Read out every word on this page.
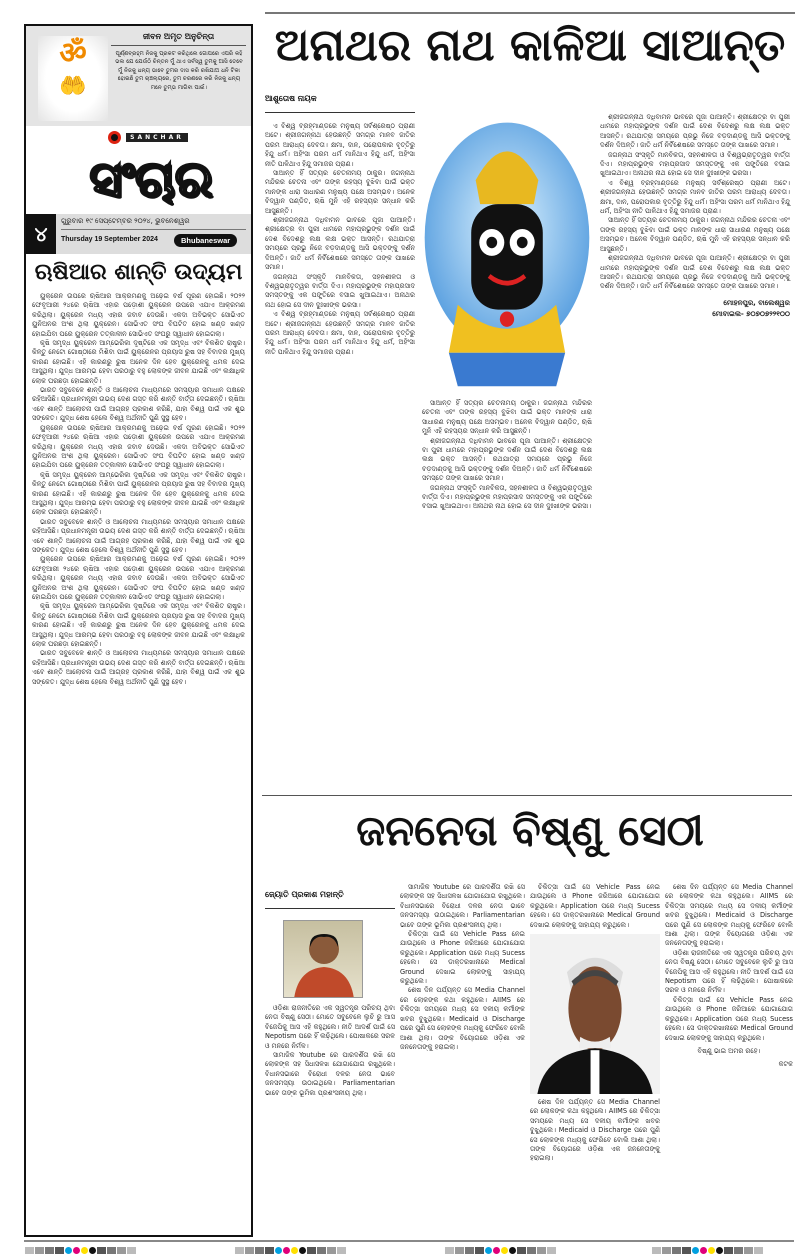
ॐ
🤲
ଜୀବନ ଅମୃତ ଅନୁଚିନ୍ତା
ପୂର୍ଣ୍ଣବ୍ରହ୍ମ ନିଜକୁ ପ୍ରକଟ କରିଥିଲେ ଗୋପରେ ଏପରି କହି ଭଲ ଯେ ଯେଉଁଠି ଚିନ୍ତନ ମୁଁ ଥାଏ ସର୍ବସ୍ୱ ତୁମକୁ ଆସି ତେବେ ମୁଁ ନିଜକୁ ଧନ୍ୟ ଭାବେ ତୁମର ଦାସ କରି ରଖିଯାଅ ଧନି ଟିକା ହୋଇଛି ତୁମ ଚାଞ୍ଚଲ୍ୟରେ, ତୁମ ଚରଣରେ କରି ନିଜକୁ ଧନ୍ୟ ମନେ ତୁମ୍ଭ ମାଗିବା ପାଇଁ।
SANCHAR
ସଂଚାର
୪
ଗୁରୁବାର ୧୯ ସେପ୍ଟେମ୍ବର ୨୦୨୪, ଭୁବନେଶ୍ୱର
Thursday 19 September 2024	Bhubaneswar
ଋଷିଆର ଶାନ୍ତି ଉଦ୍ୟମ

ୟୁକ୍ରେନ ଉପରେ ଋଷିଆର ଆକ୍ରମଣକୁ ଅଢ଼େଇ ବର୍ଷ ପୂରଣ ହୋଇଛି। ୨୦୨୨ ଫେବୃଆରୀ ୨୪ରେ ଋଷିଆ ଏହାର ପଡ଼ୋଶୀ ୟୁକ୍ରେନ ଉପରେ ଏଯାଏ ଆକ୍ରମଣ କରିଥିଲା। ୟୁକ୍ରେନ ମଧ୍ୟ ଏହାର ଜବାବ ଦେଉଛି। ଏକଦା ଅବିଭକ୍ତ ସୋଭିଏତ ୟୁନିଅନର ଅଂଶ ଥିଲା ୟୁକ୍ରେନ। ସୋଭିଏତ ସଂଘ ବିଘଟିତ ହୋଇ ଖଣ୍ଡ ଖଣ୍ଡ ହୋଇଯିବା ପରେ ୟୁକ୍ରେନ ତତ୍କାଳୀନ ସୋଭିଏତ ସଂଘରୁ ସ୍ୱାଧୀନ ହୋଇଗଲା।

କୃଷି ସମୃଦ୍ଧ ୟୁକ୍ରେନ ଆମ୍ଭେରିକା ଦୃଷ୍ଟିରେ ଏକ ସମୃଦ୍ଧ ଏବଂ ବିକଶିତ ରାଷ୍ଟ୍ର। କିନ୍ତୁ ନେଟୋ ଗୋଷ୍ଠୀରେ ମିଶିବା ପାଇଁ ୟୁକ୍ରେନର ପ୍ରୟାସ ରୁଷ ସହ ବିବାଦର ମୁଖ୍ୟ କାରଣ ହୋଇଛି। ଏହି କାରଣରୁ ରୁଷ ଅନେକ ଦିନ ହେବ ୟୁକ୍ରେନକୁ ଧମକ ଦେଇ ଆସୁଥିଲା। ଯୁଦ୍ଧ ଆରମ୍ଭ ହେବା ପରଠାରୁ ବହୁ ଲୋକଙ୍କ ଜୀବନ ଯାଇଛି ଏବଂ ଲକ୍ଷାଧିକ ଲୋକ ଘରଛଡ଼ା ହୋଇଛନ୍ତି।

ଭାରତ ସବୁବେଳେ ଶାନ୍ତି ଓ ଆଲୋଚନା ମାଧ୍ୟମରେ ସମସ୍ୟାର ସମାଧାନ ପକ୍ଷରେ ରହିଆସିଛି। ପ୍ରଧାନମନ୍ତ୍ରୀ ଉଭୟ ଦେଶ ଗସ୍ତ କରି ଶାନ୍ତି ବାର୍ତ୍ତା ଦେଇଛନ୍ତି। ଋଷିଆ ଏବେ ଶାନ୍ତି ଆଲୋଚନା ପାଇଁ ଆଗ୍ରହ ପ୍ରକାଶ କରିଛି, ଯାହା ବିଶ୍ୱ ପାଇଁ ଏକ ଶୁଭ ସଙ୍କେତ। ଯୁଦ୍ଧ ଶେଷ ହେଲେ ବିଶ୍ୱ ଅର୍ଥନୀତି ପୁଣି ସୁସ୍ଥ ହେବ।

ୟୁକ୍ରେନ ଉପରେ ଋଷିଆର ଆକ୍ରମଣକୁ ଅଢ଼େଇ ବର୍ଷ ପୂରଣ ହୋଇଛି। ୨୦୨୨ ଫେବୃଆରୀ ୨୪ରେ ଋଷିଆ ଏହାର ପଡ଼ୋଶୀ ୟୁକ୍ରେନ ଉପରେ ଏଯାଏ ଆକ୍ରମଣ କରିଥିଲା। ୟୁକ୍ରେନ ମଧ୍ୟ ଏହାର ଜବାବ ଦେଉଛି। ଏକଦା ଅବିଭକ୍ତ ସୋଭିଏତ ୟୁନିଅନର ଅଂଶ ଥିଲା ୟୁକ୍ରେନ। ସୋଭିଏତ ସଂଘ ବିଘଟିତ ହୋଇ ଖଣ୍ଡ ଖଣ୍ଡ ହୋଇଯିବା ପରେ ୟୁକ୍ରେନ ତତ୍କାଳୀନ ସୋଭିଏତ ସଂଘରୁ ସ୍ୱାଧୀନ ହୋଇଗଲା।

କୃଷି ସମୃଦ୍ଧ ୟୁକ୍ରେନ ଆମ୍ଭେରିକା ଦୃଷ୍ଟିରେ ଏକ ସମୃଦ୍ଧ ଏବଂ ବିକଶିତ ରାଷ୍ଟ୍ର। କିନ୍ତୁ ନେଟୋ ଗୋଷ୍ଠୀରେ ମିଶିବା ପାଇଁ ୟୁକ୍ରେନର ପ୍ରୟାସ ରୁଷ ସହ ବିବାଦର ମୁଖ୍ୟ କାରଣ ହୋଇଛି। ଏହି କାରଣରୁ ରୁଷ ଅନେକ ଦିନ ହେବ ୟୁକ୍ରେନକୁ ଧମକ ଦେଇ ଆସୁଥିଲା। ଯୁଦ୍ଧ ଆରମ୍ଭ ହେବା ପରଠାରୁ ବହୁ ଲୋକଙ୍କ ଜୀବନ ଯାଇଛି ଏବଂ ଲକ୍ଷାଧିକ ଲୋକ ଘରଛଡ଼ା ହୋଇଛନ୍ତି।

ଭାରତ ସବୁବେଳେ ଶାନ୍ତି ଓ ଆଲୋଚନା ମାଧ୍ୟମରେ ସମସ୍ୟାର ସମାଧାନ ପକ୍ଷରେ ରହିଆସିଛି। ପ୍ରଧାନମନ୍ତ୍ରୀ ଉଭୟ ଦେଶ ଗସ୍ତ କରି ଶାନ୍ତି ବାର୍ତ୍ତା ଦେଇଛନ୍ତି। ଋଷିଆ ଏବେ ଶାନ୍ତି ଆଲୋଚନା ପାଇଁ ଆଗ୍ରହ ପ୍ରକାଶ କରିଛି, ଯାହା ବିଶ୍ୱ ପାଇଁ ଏକ ଶୁଭ ସଙ୍କେତ। ଯୁଦ୍ଧ ଶେଷ ହେଲେ ବିଶ୍ୱ ଅର୍ଥନୀତି ପୁଣି ସୁସ୍ଥ ହେବ।

ୟୁକ୍ରେନ ଉପରେ ଋଷିଆର ଆକ୍ରମଣକୁ ଅଢ଼େଇ ବର୍ଷ ପୂରଣ ହୋଇଛି। ୨୦୨୨ ଫେବୃଆରୀ ୨୪ରେ ଋଷିଆ ଏହାର ପଡ଼ୋଶୀ ୟୁକ୍ରେନ ଉପରେ ଏଯାଏ ଆକ୍ରମଣ କରିଥିଲା। ୟୁକ୍ରେନ ମଧ୍ୟ ଏହାର ଜବାବ ଦେଉଛି। ଏକଦା ଅବିଭକ୍ତ ସୋଭିଏତ ୟୁନିଅନର ଅଂଶ ଥିଲା ୟୁକ୍ରେନ। ସୋଭିଏତ ସଂଘ ବିଘଟିତ ହୋଇ ଖଣ୍ଡ ଖଣ୍ଡ ହୋଇଯିବା ପରେ ୟୁକ୍ରେନ ତତ୍କାଳୀନ ସୋଭିଏତ ସଂଘରୁ ସ୍ୱାଧୀନ ହୋଇଗଲା।

କୃଷି ସମୃଦ୍ଧ ୟୁକ୍ରେନ ଆମ୍ଭେରିକା ଦୃଷ୍ଟିରେ ଏକ ସମୃଦ୍ଧ ଏବଂ ବିକଶିତ ରାଷ୍ଟ୍ର। କିନ୍ତୁ ନେଟୋ ଗୋଷ୍ଠୀରେ ମିଶିବା ପାଇଁ ୟୁକ୍ରେନର ପ୍ରୟାସ ରୁଷ ସହ ବିବାଦର ମୁଖ୍ୟ କାରଣ ହୋଇଛି। ଏହି କାରଣରୁ ରୁଷ ଅନେକ ଦିନ ହେବ ୟୁକ୍ରେନକୁ ଧମକ ଦେଇ ଆସୁଥିଲା। ଯୁଦ୍ଧ ଆରମ୍ଭ ହେବା ପରଠାରୁ ବହୁ ଲୋକଙ୍କ ଜୀବନ ଯାଇଛି ଏବଂ ଲକ୍ଷାଧିକ ଲୋକ ଘରଛଡ଼ା ହୋଇଛନ୍ତି।

ଭାରତ ସବୁବେଳେ ଶାନ୍ତି ଓ ଆଲୋଚନା ମାଧ୍ୟମରେ ସମସ୍ୟାର ସମାଧାନ ପକ୍ଷରେ ରହିଆସିଛି। ପ୍ରଧାନମନ୍ତ୍ରୀ ଉଭୟ ଦେଶ ଗସ୍ତ କରି ଶାନ୍ତି ବାର୍ତ୍ତା ଦେଇଛନ୍ତି। ଋଷିଆ ଏବେ ଶାନ୍ତି ଆଲୋଚନା ପାଇଁ ଆଗ୍ରହ ପ୍ରକାଶ କରିଛି, ଯାହା ବିଶ୍ୱ ପାଇଁ ଏକ ଶୁଭ ସଙ୍କେତ। ଯୁଦ୍ଧ ଶେଷ ହେଲେ ବିଶ୍ୱ ଅର୍ଥନୀତି ପୁଣି ସୁସ୍ଥ ହେବ।

ଅନାଥର ନାଥ କାଳିଆ ସାଆନ୍ତ
ଆଶୁତୋଷ ନାୟକ

ଏ ବିଶ୍ୱ ବ୍ରହ୍ମାଣ୍ଡରେ ମନୁଷ୍ୟ ସର୍ବଶ୍ରେଷ୍ଠ ପ୍ରାଣୀ ଅଟେ। ଶ୍ରୀଜଗନ୍ନାଥ ହେଉଛନ୍ତି ସମଗ୍ର ମାନବ ଜାତିର ପରମ ଆରାଧ୍ୟ ଦେବତା। କ୍ଷମା, ଦାନ, ପରୋପକାର ବୃତ୍ତିରୁ ହିନ୍ଦୁ ଧର୍ମ। ଅହିଂସା ପରମ ଧର୍ମ ମାନିଥାଏ ହିନ୍ଦୁ ଧର୍ମ, ଅହିଂସା ନୀତି ପାଳିଥାଏ ହିନ୍ଦୁ ସମାଜର ପ୍ରାଣ।

ସାଆନ୍ତ ହିଁ ସତ୍ୟର ଚେତନାମୟ ଠାକୁର। ଜଗନ୍ନାଥ ମନ୍ଦିରର ଚେତନା ଏବଂ ତାଙ୍କ ରହସ୍ୟ ବୁଝିବା ପାଇଁ ଭକ୍ତ ମାନଙ୍କ ଧାରା ସାଧାରଣ ମନୁଷ୍ୟ ପକ୍ଷେ ଅସମ୍ଭବ। ଅନେକ ବିଦ୍ୱାନ ପଣ୍ଡିତ, ଋଷି ମୁନି ଏହି ରହସ୍ୟର ସନ୍ଧାନ କରି ଆସୁଛନ୍ତି।

ଶ୍ରୀଜଗନ୍ନାଥ ଦଧିବାମନ ଭାବରେ ପୂଜା ପାଆନ୍ତି। ଶ୍ରୀକ୍ଷେତ୍ର ବା ପୁରୀ ଧାମରେ ମହାପ୍ରଭୁଙ୍କ ଦର୍ଶନ ପାଇଁ ଦେଶ ବିଦେଶରୁ ଲକ୍ଷ ଲକ୍ଷ ଭକ୍ତ ଆସନ୍ତି। ରଥଯାତ୍ରା ସମୟରେ ପ୍ରଭୁ ନିଜେ ବଡ଼ଦାଣ୍ଡକୁ ଆସି ଭକ୍ତଙ୍କୁ ଦର୍ଶନ ଦିଅନ୍ତି। ଜାତି ଧର୍ମ ନିର୍ବିଶେଷରେ ସମସ୍ତେ ତାଙ୍କ ପାଖରେ ସମାନ।

ଜଗନ୍ନାଥ ସଂସ୍କୃତି ମାନବିକତା, ସହନଶୀଳତା ଓ ବିଶ୍ୱଭ୍ରାତୃତ୍ୱର ବାର୍ତ୍ତା ଦିଏ। ମହାପ୍ରଭୁଙ୍କ ମହାପ୍ରସାଦ ସମସ୍ତଙ୍କୁ ଏକ ପଙ୍କ୍ତିରେ ବସାଇ ଖୁଆଇଥାଏ। ଅନାଥର ନାଥ ହୋଇ ସେ ଦୀନ ଦୁଃଖୀଙ୍କ ଭରସା।

ଏ ବିଶ୍ୱ ବ୍ରହ୍ମାଣ୍ଡରେ ମନୁଷ୍ୟ ସର୍ବଶ୍ରେଷ୍ଠ ପ୍ରାଣୀ ଅଟେ। ଶ୍ରୀଜଗନ୍ନାଥ ହେଉଛନ୍ତି ସମଗ୍ର ମାନବ ଜାତିର ପରମ ଆରାଧ୍ୟ ଦେବତା। କ୍ଷମା, ଦାନ, ପରୋପକାର ବୃତ୍ତିରୁ ହିନ୍ଦୁ ଧର୍ମ। ଅହିଂସା ପରମ ଧର୍ମ ମାନିଥାଏ ହିନ୍ଦୁ ଧର୍ମ, ଅହିଂସା ନୀତି ପାଳିଥାଏ ହିନ୍ଦୁ ସମାଜର ପ୍ରାଣ।

ସାଆନ୍ତ ହିଁ ସତ୍ୟର ଚେତନାମୟ ଠାକୁର। ଜଗନ୍ନାଥ ମନ୍ଦିରର ଚେତନା ଏବଂ ତାଙ୍କ ରହସ୍ୟ ବୁଝିବା ପାଇଁ ଭକ୍ତ ମାନଙ୍କ ଧାରା ସାଧାରଣ ମନୁଷ୍ୟ ପକ୍ଷେ ଅସମ୍ଭବ। ଅନେକ ବିଦ୍ୱାନ ପଣ୍ଡିତ, ଋଷି ମୁନି ଏହି ରହସ୍ୟର ସନ୍ଧାନ କରି ଆସୁଛନ୍ତି।

ଶ୍ରୀଜଗନ୍ନାଥ ଦଧିବାମନ ଭାବରେ ପୂଜା ପାଆନ୍ତି। ଶ୍ରୀକ୍ଷେତ୍ର ବା ପୁରୀ ଧାମରେ ମହାପ୍ରଭୁଙ୍କ ଦର୍ଶନ ପାଇଁ ଦେଶ ବିଦେଶରୁ ଲକ୍ଷ ଲକ୍ଷ ଭକ୍ତ ଆସନ୍ତି। ରଥଯାତ୍ରା ସମୟରେ ପ୍ରଭୁ ନିଜେ ବଡ଼ଦାଣ୍ଡକୁ ଆସି ଭକ୍ତଙ୍କୁ ଦର୍ଶନ ଦିଅନ୍ତି। ଜାତି ଧର୍ମ ନିର୍ବିଶେଷରେ ସମସ୍ତେ ତାଙ୍କ ପାଖରେ ସମାନ।

ଜଗନ୍ନାଥ ସଂସ୍କୃତି ମାନବିକତା, ସହନଶୀଳତା ଓ ବିଶ୍ୱଭ୍ରାତୃତ୍ୱର ବାର୍ତ୍ତା ଦିଏ। ମହାପ୍ରଭୁଙ୍କ ମହାପ୍ରସାଦ ସମସ୍ତଙ୍କୁ ଏକ ପଙ୍କ୍ତିରେ ବସାଇ ଖୁଆଇଥାଏ। ଅନାଥର ନାଥ ହୋଇ ସେ ଦୀନ ଦୁଃଖୀଙ୍କ ଭରସା।

ଶ୍ରୀଜଗନ୍ନାଥ ଦଧିବାମନ ଭାବରେ ପୂଜା ପାଆନ୍ତି। ଶ୍ରୀକ୍ଷେତ୍ର ବା ପୁରୀ ଧାମରେ ମହାପ୍ରଭୁଙ୍କ ଦର୍ଶନ ପାଇଁ ଦେଶ ବିଦେଶରୁ ଲକ୍ଷ ଲକ୍ଷ ଭକ୍ତ ଆସନ୍ତି। ରଥଯାତ୍ରା ସମୟରେ ପ୍ରଭୁ ନିଜେ ବଡ଼ଦାଣ୍ଡକୁ ଆସି ଭକ୍ତଙ୍କୁ ଦର୍ଶନ ଦିଅନ୍ତି। ଜାତି ଧର୍ମ ନିର୍ବିଶେଷରେ ସମସ୍ତେ ତାଙ୍କ ପାଖରେ ସମାନ।

ଜଗନ୍ନାଥ ସଂସ୍କୃତି ମାନବିକତା, ସହନଶୀଳତା ଓ ବିଶ୍ୱଭ୍ରାତୃତ୍ୱର ବାର୍ତ୍ତା ଦିଏ। ମହାପ୍ରଭୁଙ୍କ ମହାପ୍ରସାଦ ସମସ୍ତଙ୍କୁ ଏକ ପଙ୍କ୍ତିରେ ବସାଇ ଖୁଆଇଥାଏ। ଅନାଥର ନାଥ ହୋଇ ସେ ଦୀନ ଦୁଃଖୀଙ୍କ ଭରସା।

ଏ ବିଶ୍ୱ ବ୍ରହ୍ମାଣ୍ଡରେ ମନୁଷ୍ୟ ସର୍ବଶ୍ରେଷ୍ଠ ପ୍ରାଣୀ ଅଟେ। ଶ୍ରୀଜଗନ୍ନାଥ ହେଉଛନ୍ତି ସମଗ୍ର ମାନବ ଜାତିର ପରମ ଆରାଧ୍ୟ ଦେବତା। କ୍ଷମା, ଦାନ, ପରୋପକାର ବୃତ୍ତିରୁ ହିନ୍ଦୁ ଧର୍ମ। ଅହିଂସା ପରମ ଧର୍ମ ମାନିଥାଏ ହିନ୍ଦୁ ଧର୍ମ, ଅହିଂସା ନୀତି ପାଳିଥାଏ ହିନ୍ଦୁ ସମାଜର ପ୍ରାଣ।

ସାଆନ୍ତ ହିଁ ସତ୍ୟର ଚେତନାମୟ ଠାକୁର। ଜଗନ୍ନାଥ ମନ୍ଦିରର ଚେତନା ଏବଂ ତାଙ୍କ ରହସ୍ୟ ବୁଝିବା ପାଇଁ ଭକ୍ତ ମାନଙ୍କ ଧାରା ସାଧାରଣ ମନୁଷ୍ୟ ପକ୍ଷେ ଅସମ୍ଭବ। ଅନେକ ବିଦ୍ୱାନ ପଣ୍ଡିତ, ଋଷି ମୁନି ଏହି ରହସ୍ୟର ସନ୍ଧାନ କରି ଆସୁଛନ୍ତି।

ଶ୍ରୀଜଗନ୍ନାଥ ଦଧିବାମନ ଭାବରେ ପୂଜା ପାଆନ୍ତି। ଶ୍ରୀକ୍ଷେତ୍ର ବା ପୁରୀ ଧାମରେ ମହାପ୍ରଭୁଙ୍କ ଦର୍ଶନ ପାଇଁ ଦେଶ ବିଦେଶରୁ ଲକ୍ଷ ଲକ୍ଷ ଭକ୍ତ ଆସନ୍ତି। ରଥଯାତ୍ରା ସମୟରେ ପ୍ରଭୁ ନିଜେ ବଡ଼ଦାଣ୍ଡକୁ ଆସି ଭକ୍ତଙ୍କୁ ଦର୍ଶନ ଦିଅନ୍ତି। ଜାତି ଧର୍ମ ନିର୍ବିଶେଷରେ ସମସ୍ତେ ତାଙ୍କ ପାଖରେ ସମାନ।

ମୋହନପୁର, ବାଲେଶ୍ୱର
ମୋବାଇଲ- ୭୦୭୦୭୨୨୧୦୦
ଜନନେତା ବିଷ୍ଣୁ ସେଠୀ
ଜ୍ୟୋତି ପ୍ରକାଶ ମହାନ୍ତି

ଓଡ଼ିଶା ରାଜନୀତିରେ ଏକ ସ୍ୱତନ୍ତ୍ର ପରିଚୟ ଥିବା ନେତା ବିଷ୍ଣୁ ସେଠୀ। ମୋତେ ସବୁବେଳେ ଲୁଚି ରୁ ଆସ ବିଜେପିକୁ ଆସ ଏହି କହୁଥିଲେ। ନୀତି ଆଦର୍ଶ ପାଇଁ ସେ Nepotism ପରେ ହିଁ ଲଢ଼ିଥିଲେ। ପୋଷାକରେ ସରଳ ଓ ମନରେ ନିର୍ମଳ।

ସାମାଜିକ Youtube ରେ ପାରଦର୍ଶିତା ରଖି ସେ ଲୋକଙ୍କ ସହ ସିଧାସଳଖ ଯୋଗାଯୋଗ ରଖୁଥିଲେ। ବିଧାନସଭାରେ ବିରୋଧୀ ଦଳର ନେତା ଭାବେ ଜନସମସ୍ୟା ଉଠାଇଥିଲେ। Parliamentarian ଭାବେ ତାଙ୍କ ଭୂମିକା ପ୍ରଶଂସନୀୟ ଥିଲା।

ସାମାଜିକ Youtube ରେ ପାରଦର୍ଶିତା ରଖି ସେ ଲୋକଙ୍କ ସହ ସିଧାସଳଖ ଯୋଗାଯୋଗ ରଖୁଥିଲେ। ବିଧାନସଭାରେ ବିରୋଧୀ ଦଳର ନେତା ଭାବେ ଜନସମସ୍ୟା ଉଠାଇଥିଲେ। Parliamentarian ଭାବେ ତାଙ୍କ ଭୂମିକା ପ୍ରଶଂସନୀୟ ଥିଲା।

ଚିକିତ୍ସା ପାଇଁ ସେ Vehicle Pass ନେଇ ଯାଉଥିଲେ ଓ Phone ଜରିଆରେ ଯୋଗାଯୋଗ କରୁଥିଲେ। Application ପରେ ମଧ୍ୟ Sucess ହେଲେ। ସେ ଡାକ୍ତରଖାନାରେ Medical Ground ଦେଖାଇ ଲୋକଙ୍କୁ ସାହାଯ୍ୟ କରୁଥିଲେ।

ଶେଷ ଦିନ ପର୍ଯ୍ୟନ୍ତ ସେ Media Channel ରେ ଲୋକଙ୍କ କଥା କହୁଥିଲେ। AIIMS ରେ ଚିକିତ୍ସା ସମୟରେ ମଧ୍ୟ ସେ ଦଳୀୟ କର୍ମୀଙ୍କ ଖବର ବୁଝୁଥିଲେ। Medicaid ଓ Discharge ପରେ ପୁଣି ସେ ଲୋକଙ୍କ ମଧ୍ୟକୁ ଫେରିବେ ବୋଲି ଆଶା ଥିଲା। ତାଙ୍କ ବିୟୋଗରେ ଓଡ଼ିଶା ଏକ ଜନନେତାଙ୍କୁ ହରାଇଲା।

ଚିକିତ୍ସା ପାଇଁ ସେ Vehicle Pass ନେଇ ଯାଉଥିଲେ ଓ Phone ଜରିଆରେ ଯୋଗାଯୋଗ କରୁଥିଲେ। Application ପରେ ମଧ୍ୟ Sucess ହେଲେ। ସେ ଡାକ୍ତରଖାନାରେ Medical Ground ଦେଖାଇ ଲୋକଙ୍କୁ ସାହାଯ୍ୟ କରୁଥିଲେ।

ଶେଷ ଦିନ ପର୍ଯ୍ୟନ୍ତ ସେ Media Channel ରେ ଲୋକଙ୍କ କଥା କହୁଥିଲେ। AIIMS ରେ ଚିକିତ୍ସା ସମୟରେ ମଧ୍ୟ ସେ ଦଳୀୟ କର୍ମୀଙ୍କ ଖବର ବୁଝୁଥିଲେ। Medicaid ଓ Discharge ପରେ ପୁଣି ସେ ଲୋକଙ୍କ ମଧ୍ୟକୁ ଫେରିବେ ବୋଲି ଆଶା ଥିଲା। ତାଙ୍କ ବିୟୋଗରେ ଓଡ଼ିଶା ଏକ ଜନନେତାଙ୍କୁ ହରାଇଲା।

ଶେଷ ଦିନ ପର୍ଯ୍ୟନ୍ତ ସେ Media Channel ରେ ଲୋକଙ୍କ କଥା କହୁଥିଲେ। AIIMS ରେ ଚିକିତ୍ସା ସମୟରେ ମଧ୍ୟ ସେ ଦଳୀୟ କର୍ମୀଙ୍କ ଖବର ବୁଝୁଥିଲେ। Medicaid ଓ Discharge ପରେ ପୁଣି ସେ ଲୋକଙ୍କ ମଧ୍ୟକୁ ଫେରିବେ ବୋଲି ଆଶା ଥିଲା। ତାଙ୍କ ବିୟୋଗରେ ଓଡ଼ିଶା ଏକ ଜନନେତାଙ୍କୁ ହରାଇଲା।

ଓଡ଼ିଶା ରାଜନୀତିରେ ଏକ ସ୍ୱତନ୍ତ୍ର ପରିଚୟ ଥିବା ନେତା ବିଷ୍ଣୁ ସେଠୀ। ମୋତେ ସବୁବେଳେ ଲୁଚି ରୁ ଆସ ବିଜେପିକୁ ଆସ ଏହି କହୁଥିଲେ। ନୀତି ଆଦର୍ଶ ପାଇଁ ସେ Nepotism ପରେ ହିଁ ଲଢ଼ିଥିଲେ। ପୋଷାକରେ ସରଳ ଓ ମନରେ ନିର୍ମଳ।

ଚିକିତ୍ସା ପାଇଁ ସେ Vehicle Pass ନେଇ ଯାଉଥିଲେ ଓ Phone ଜରିଆରେ ଯୋଗାଯୋଗ କରୁଥିଲେ। Application ପରେ ମଧ୍ୟ Sucess ହେଲେ। ସେ ଡାକ୍ତରଖାନାରେ Medical Ground ଦେଖାଇ ଲୋକଙ୍କୁ ସାହାଯ୍ୟ କରୁଥିଲେ।

ବିଷ୍ଣୁ ଭାଇ ଅମର ରହେ।

କଟକ
